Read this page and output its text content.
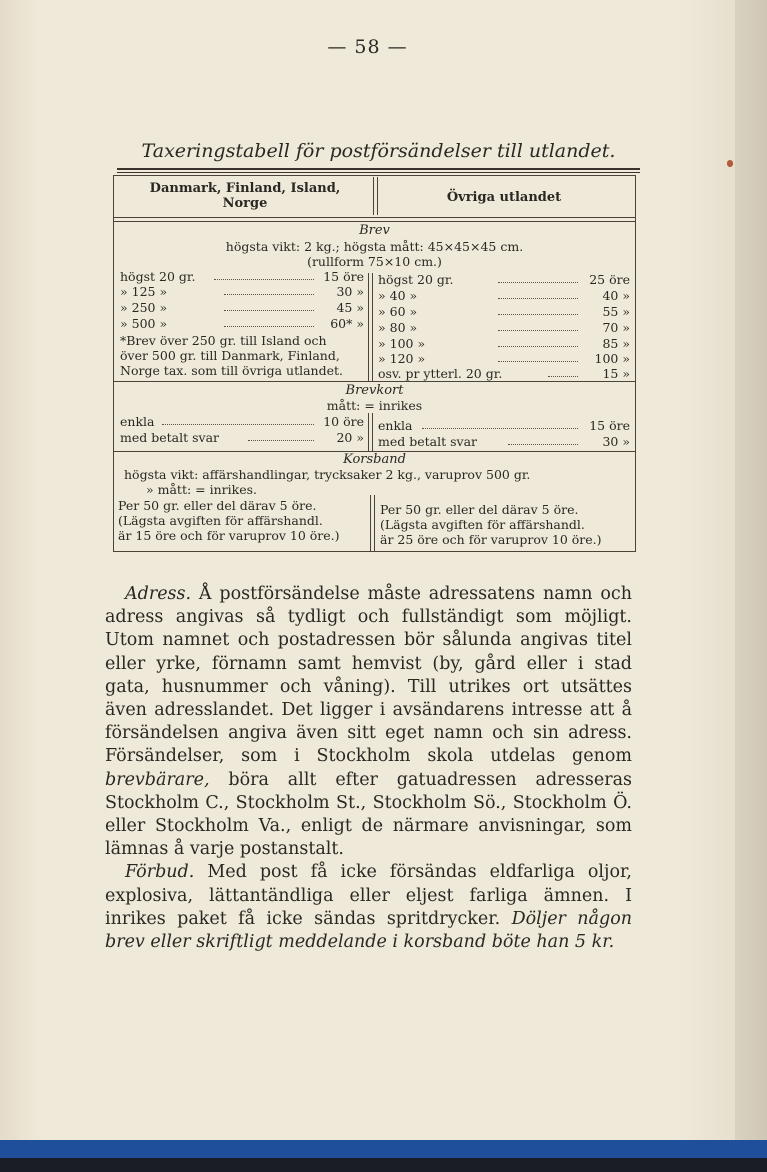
— 58 —
Taxeringstabell för postförsändelser till utlandet.
Danmark, Finland, Island, Norge	Övriga utlandet
Brev
högsta vikt: 2 kg.; högsta mått: 45×45×45 cm.
(rullform 75×10 cm.)
högst 20 gr.	15 öre
» 125 »	30 »
» 250 »	45 »
» 500 »	60* »
*Brev över 250 gr. till Island och
över 500 gr. till Danmark, Finland,
Norge tax. som till övriga utlandet.
högst 20 gr.	25 öre
» 40 »	40 »
» 60 »	55 »
» 80 »	70 »
» 100 »	85 »
» 120 »	100 »
osv. pr ytterl. 20 gr.	15 »
Brevkort
mått: = inrikes
enkla	10 öre
med betalt svar	20 »
enkla	15 öre
med betalt svar	30 »
Korsband
högsta vikt: affärshandlingar, trycksaker 2 kg., varuprov 500 gr.
» mått: = inrikes.
Per 50 gr. eller del därav 5 öre.
(Lägsta avgiften för affärshandl.
är 15 öre och för varuprov 10 öre.)
Per 50 gr. eller del därav 5 öre.
(Lägsta avgiften för affärshandl.
är 25 öre och för varuprov 10 öre.)

Adress. Å postförsändelse måste adressatens namn och adress angivas så tydligt och fullständigt som möjligt. Utom namnet och postadressen bör sålunda angivas titel eller yrke, förnamn samt hemvist (by, gård eller i stad gata, husnummer och våning). Till utrikes ort utsättes även adresslandet. Det ligger i avsändarens intresse att å försändelsen angiva även sitt eget namn och sin adress. Försändelser, som i Stockholm skola utdelas genom brevbärare, böra allt efter gatuadressen adresseras Stockholm C., Stockholm St., Stockholm Sö., Stockholm Ö. eller Stockholm Va., enligt de närmare anvisningar, som lämnas å varje postanstalt.

Förbud. Med post få icke försändas eldfarliga oljor, explosiva, lättantändliga eller eljest farliga ämnen. I inrikes paket få icke sändas spritdrycker. Döljer någon brev eller skriftligt meddelande i korsband böte han 5 kr.
